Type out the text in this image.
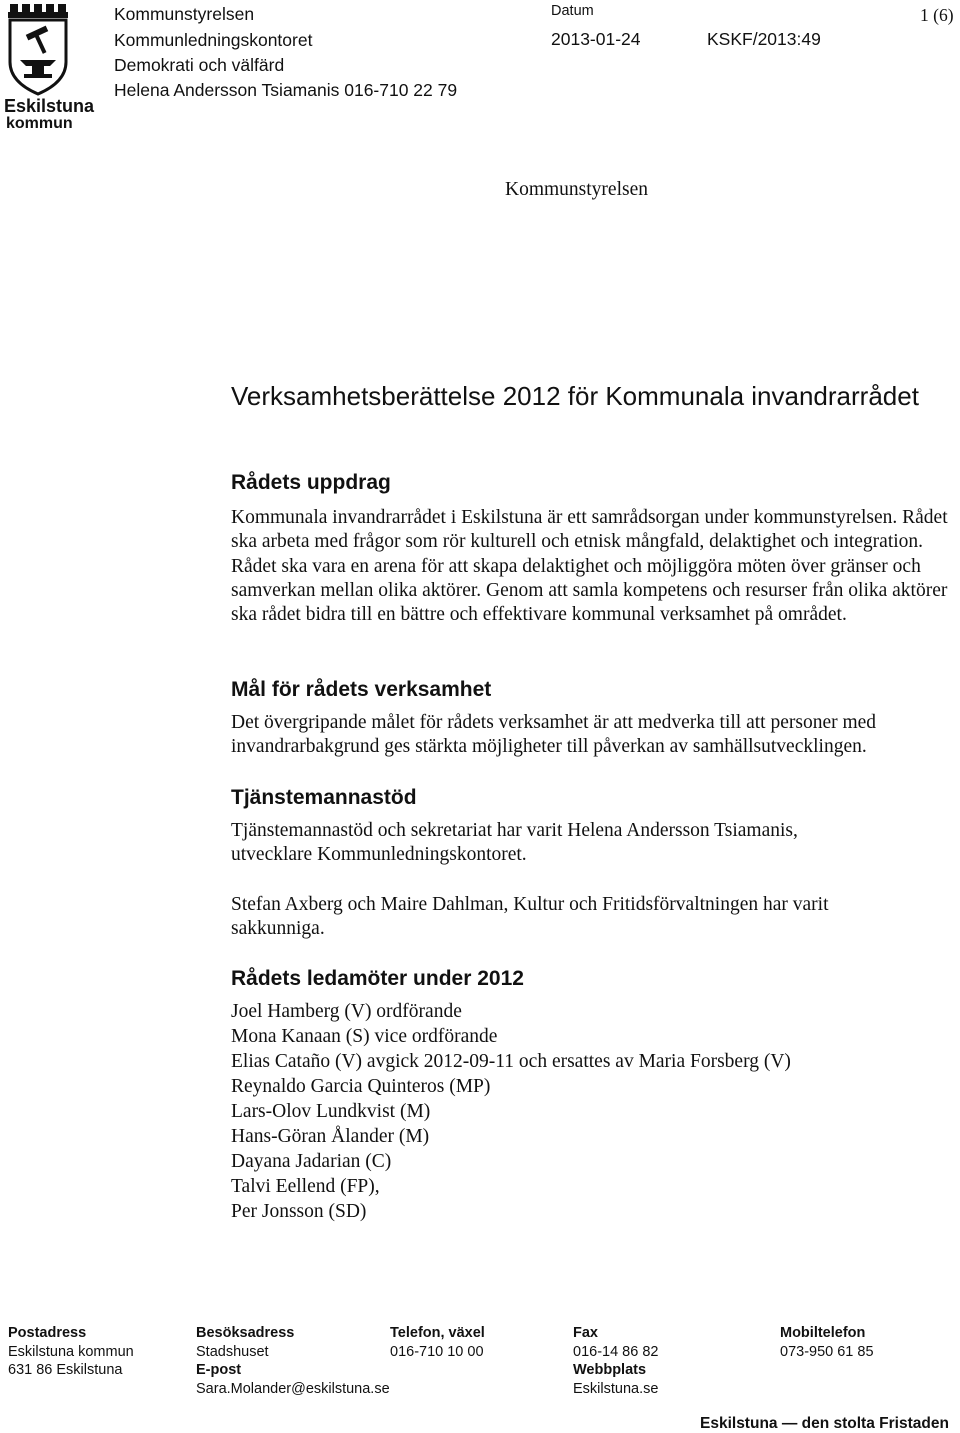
Eskilstuna
kommun
Kommunstyrelsen
Kommunledningskontoret
Demokrati och välfärd
Helena Andersson Tsiamanis 016-710 22 79
Datum
2013-01-24	KSKF/2013:49
1 (6)
Kommunstyrelsen
Verksamhetsberättelse 2012 för Kommunala invandrarrådet
Rådets uppdrag

Kommunala invandrarrådet i Eskilstuna är ett samrådsorgan under kommunstyrelsen. Rådet ska arbeta med frågor som rör kulturell och etnisk mångfald, delaktighet och integration. Rådet ska vara en arena för att skapa delaktighet och möjliggöra möten över gränser och samverkan mellan olika aktörer. Genom att samla kompetens och resurser från olika aktörer ska rådet bidra till en bättre och effektivare kommunal verksamhet på området.

Mål för rådets verksamhet

Det övergripande målet för rådets verksamhet är att medverka till att personer med invandrarbakgrund ges stärkta möjligheter till påverkan av samhällsutvecklingen.

Tjänstemannastöd

Tjänstemannastöd och sekretariat har varit Helena Andersson Tsiamanis, utvecklare Kommunledningskontoret.

Stefan Axberg och Maire Dahlman, Kultur och Fritidsförvaltningen har varit sakkunniga.

Rådets ledamöter under 2012
Joel Hamberg (V) ordförande
Mona Kanaan (S) vice ordförande
Elias Cataño (V) avgick 2012-09-11 och ersattes av Maria Forsberg (V)
Reynaldo Garcia Quinteros (MP)
Lars-Olov Lundkvist (M)
Hans-Göran Ålander (M)
Dayana Jadarian (C)
Talvi Eellend (FP),
Per Jonsson (SD)
Postadress
Eskilstuna kommun
631 86 Eskilstuna
Besöksadress
Stadshuset
E-post
Sara.Molander@eskilstuna.se
Telefon, växel
016-710 10 00
Fax
016-14 86 82
Webbplats
Eskilstuna.se
Mobiltelefon
073-950 61 85
Eskilstuna — den stolta Fristaden
